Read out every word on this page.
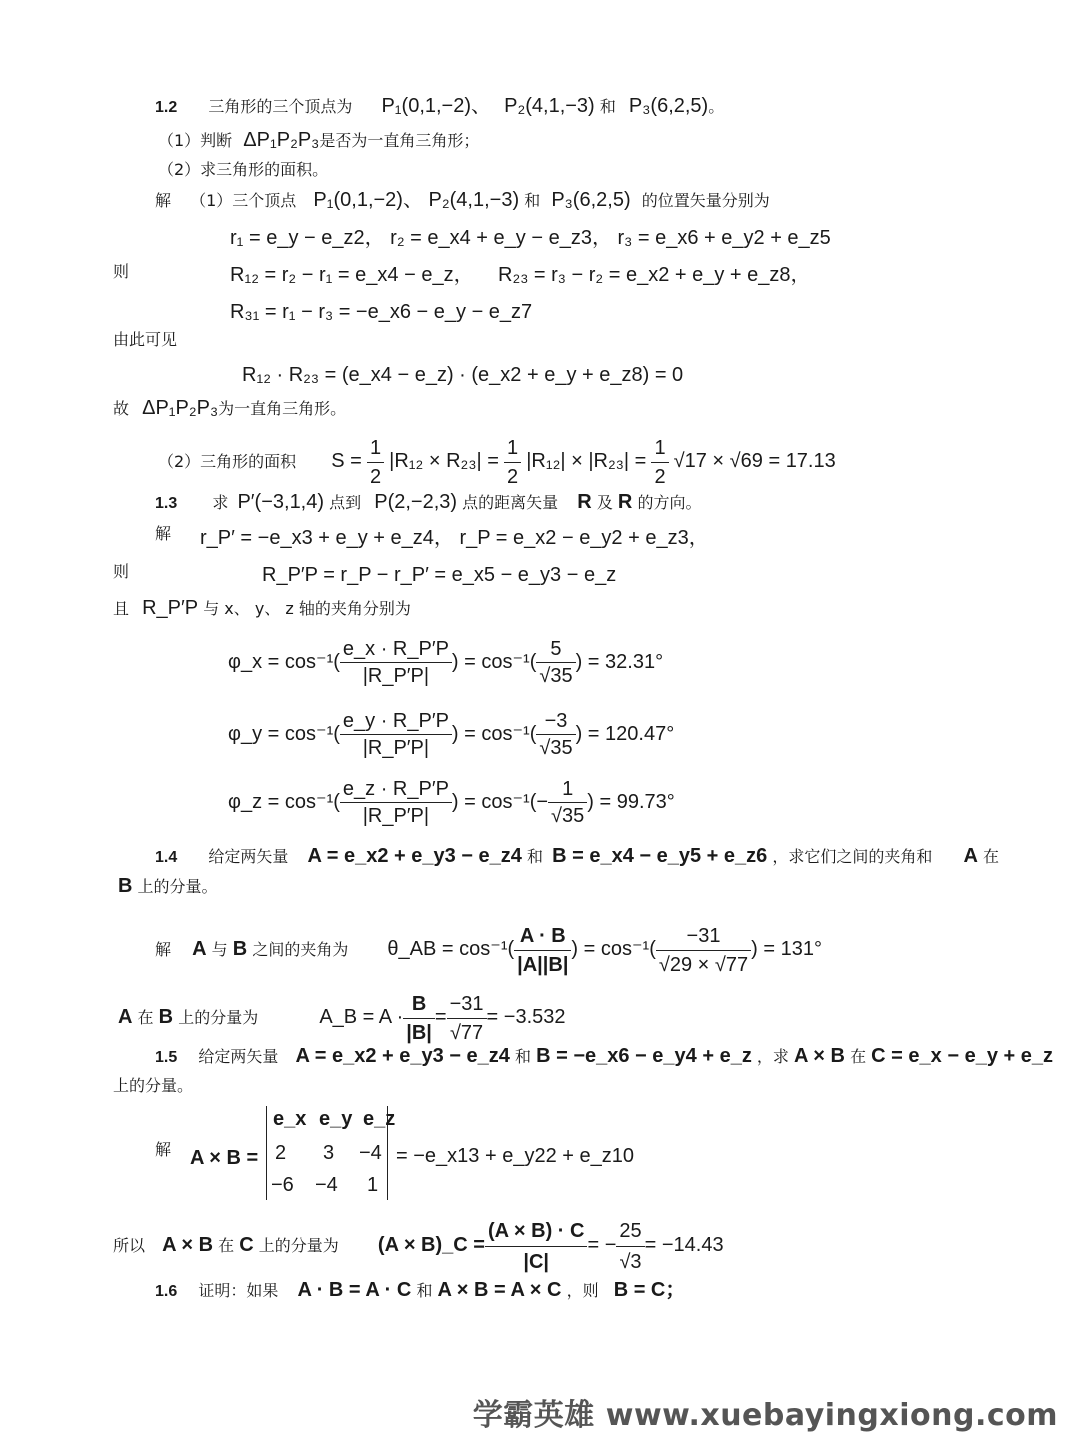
1.2 三角形的三个顶点为 P₁(0,1,−2)、 P₂(4,1,−3) 和 P₃(6,2,5)。
（1）判断 ΔP₁P₂P₃是否为一直角三角形；
（2）求三角形的面积。
解 （1）三个顶点 P₁(0,1,−2)、 P₂(4,1,−3) 和 P₃(6,2,5) 的位置矢量分别为
r₁ = e_y − e_z2， r₂ = e_x4 + e_y − e_z3， r₃ = e_x6 + e_y2 + e_z5
则	R₁₂ = r₂ − r₁ = e_x4 − e_z， R₂₃ = r₃ − r₂ = e_x2 + e_y + e_z8，
R₃₁ = r₁ − r₃ = −e_x6 − e_y − e_z7
由此可见
R₁₂ · R₂₃ = (e_x4 − e_z) · (e_x2 + e_y + e_z8) = 0
故 ΔP₁P₂P₃为一直角三角形。
（2）三角形的面积 $S = \frac{1}{2} |R_{12} \times R_{23}| = \frac{1}{2} |R_{12}| \times |R_{23}| = \frac{1}{2} √17 \times √69 = 17.13$
1.3 求 P′(−3,1,4) 点到 P(2,−2,3) 点的距离矢量 R 及 R 的方向。
解 r_P′ = −e_x3 + e_y + e_z4， r_P = e_x2 − e_y2 + e_z3，
则	R_P′P = r_P − r_P′ = e_x5 − e_y3 − e_z
且 R_P′P 与 x、 y、 z 轴的夹角分别为
φ_x = $\cos^{-1}( \frac{e\_x \cdot R\_P'P}{|R\_P'P|}$ ) = $\cos^{-1}( \frac{5}{√35}$ ) = 32.31°
φ_y = $\cos^{-1}( \frac{e\_y \cdot R\_P'P}{|R\_P'P|}$ ) = $\cos^{-1}( \frac{-3}{√35}$ ) = 120.47°
φ_z = $\cos^{-1}( \frac{e\_z \cdot R\_P'P}{|R\_P'P|}$ ) = $\cos^{-1}(- \frac{1}{√35}$ ) = 99.73°
1.4 给定两矢量 A = e_x2 + e_y3 − e_z4 和 B = e_x4 − e_y5 + e_z6 ，求它们之间的夹角和 A 在
B 上的分量。
解 A 与 B 之间的夹角为 θ_AB = $\cos^{-1}( \frac{A \cdot B}{|A||B|}$ ) = $\cos^{-1}( \frac{-31}{√29 \times √77}$ ) = 131°
A 在 B 上的分量为	A_B = $A \cdot \frac{B}{|B|} = \frac{-31}{√77} = -3.532$
1.5 给定两矢量 A = e_x2 + e_y3 − e_z4 和 B = −e_x6 − e_y4 + e_z ，求 A × B 在 C = e_x − e_y + e_z
上的分量。
解 A × B =
e_x e_y e_z
2 3 −4
−6 −4 1
= −e_x13 + e_y22 + e_z10
所以 A × B 在 C 上的分量为 (A × B)_C = $\frac{(A \times B) \cdot C}{|C|}$ = − $\frac{25}{√3} = -14.43$
1.6 证明：如果 A · B = A · C 和 A × B = A × C ，则 B = C；
学霸英雄 www.xuebayingxiong.com
